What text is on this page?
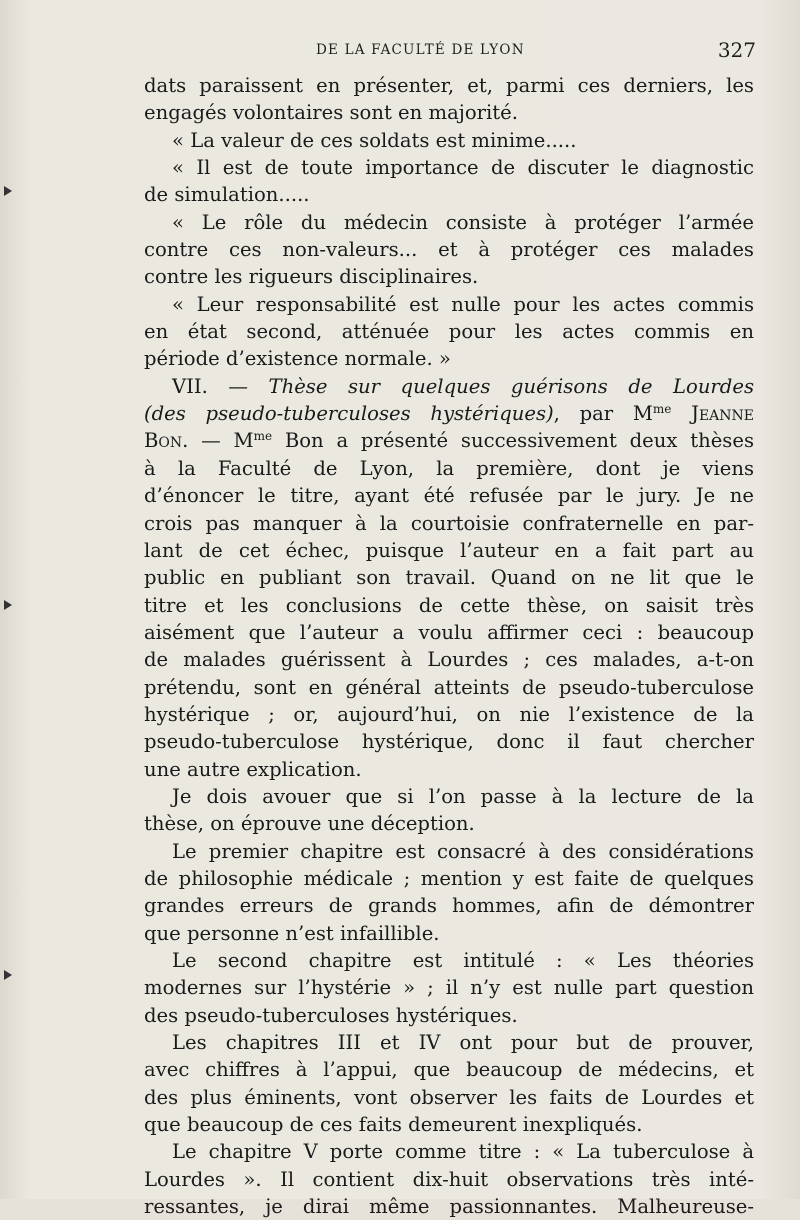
DE LA FACULTÉ DE LYON	327
dats paraissent en présenter, et, parmi ces derniers, les
engagés volontaires sont en majorité.
« La valeur de ces soldats est minime.....
« Il est de toute importance de discuter le diagnostic
de simulation.....
« Le rôle du médecin consiste à protéger l’armée
contre ces non-valeurs... et à protéger ces malades
contre les rigueurs disciplinaires.
« Leur responsabilité est nulle pour les actes commis
en état second, atténuée pour les actes commis en
période d’existence normale. »
VII. — Thèse sur quelques guérisons de Lourdes
(des pseudo-tuberculoses hystériques), par $M^{me}$ Jeanne
Bon. — $M^{me}$ Bon a présenté successivement deux thèses
à la Faculté de Lyon, la première, dont je viens
d’énoncer le titre, ayant été refusée par le jury. Je ne
crois pas manquer à la courtoisie confraternelle en par-
lant de cet échec, puisque l’auteur en a fait part au
public en publiant son travail. Quand on ne lit que le
titre et les conclusions de cette thèse, on saisit très
aisément que l’auteur a voulu affirmer ceci : beaucoup
de malades guérissent à Lourdes ; ces malades, a-t-on
prétendu, sont en général atteints de pseudo-tuberculose
hystérique ; or, aujourd’hui, on nie l’existence de la
pseudo-tuberculose hystérique, donc il faut chercher
une autre explication.
Je dois avouer que si l’on passe à la lecture de la
thèse, on éprouve une déception.
Le premier chapitre est consacré à des considérations
de philosophie médicale ; mention y est faite de quelques
grandes erreurs de grands hommes, afin de démontrer
que personne n’est infaillible.
Le second chapitre est intitulé : « Les théories
modernes sur l’hystérie » ; il n’y est nulle part question
des pseudo-tuberculoses hystériques.
Les chapitres III et IV ont pour but de prouver,
avec chiffres à l’appui, que beaucoup de médecins, et
des plus éminents, vont observer les faits de Lourdes et
que beaucoup de ces faits demeurent inexpliqués.
Le chapitre V porte comme titre : « La tuberculose à
Lourdes ». Il contient dix-huit observations très inté-
ressantes, je dirai même passionnantes. Malheureuse-
